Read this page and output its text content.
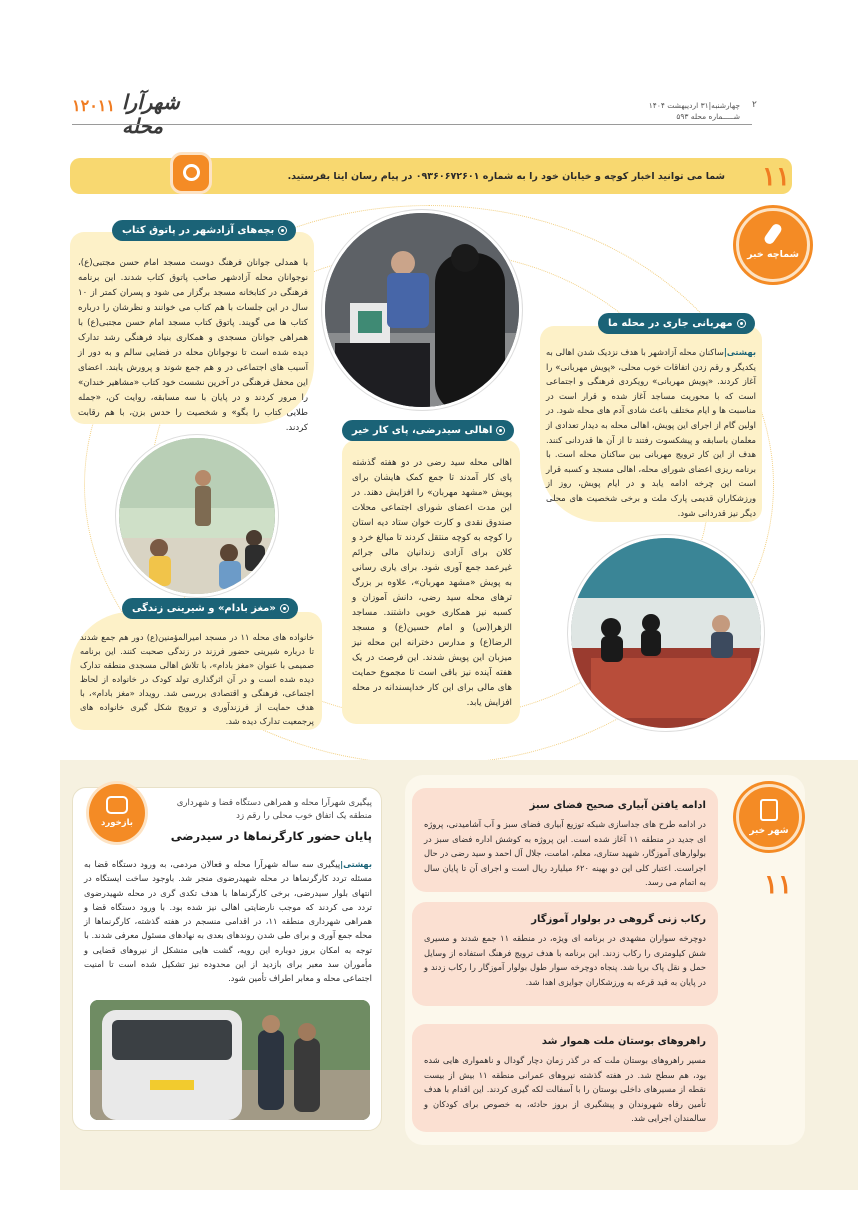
۱۲۰۱۱ شهرآرا محله
چهارشنبه|۳۱ اردیبهشت ۱۴۰۴
شـــــماره محله ۵۹۳
۲
شما می توانید اخبار کوچه و خیابان خود را به شماره ۰۹۳۶۰۶۷۲۶۰۱ در پیام رسان ایتا بفرستید. ۱۱
شماچه خبر
بچه‌های آزادشهر در پاتوق کتاب

با همدلی جوانان فرهنگ دوست مسجد امام حسن مجتبی(ع)، نوجوانان محله آزادشهر صاحب پاتوق کتاب شدند. این برنامه فرهنگی در کتابخانه مسجد برگزار می شود و پسران کمتر از ۱۰ سال در این جلسات با هم کتاب می خوانند و نظرشان را درباره کتاب ها می گویند. پاتوق کتاب مسجد امام حسن مجتبی(ع) با همراهی جوانان مسجدی و همکاری بنیاد فرهنگی رشد تدارک دیده شده است تا نوجوانان محله در فضایی سالم و به دور از آسیب های اجتماعی در و هم جمع شوند و پرورش یابند. اعضای این محفل فرهنگی در آخرین نشست خود کتاب «مشاهیر خندان» را مرور کردند و در پایان با سه مسابقه، روایت کن، «جمله طلایی کتاب را بگو» و شخصیت را حدس بزن، با هم رقابت کردند.

مهربانی جاری در محله ما

بهشتی|ساکنان محله آزادشهر با هدف نزدیک شدن اهالی به یکدیگر و رقم زدن اتفاقات خوب محلی، «پویش مهربانی» را آغاز کردند. «پویش مهربانی» رویکردی فرهنگی و اجتماعی است که با محوریت مساجد آغاز شده و قرار است در مناسبت ها و ایام مختلف باعث شادی آدم های محله شود. در اولین گام از اجرای این پویش، اهالی محله به دیدار تعدادی از معلمان باسابقه و پیشکسوت رفتند تا از آن ها قدردانی کنند. هدف از این کار ترویج مهربانی بین ساکنان محله است. با برنامه ریزی اعضای شورای محله، اهالی مسجد و کسبه قرار است این چرخه ادامه یابد و در ایام پویش، روز از ورزشکاران قدیمی پارک ملت و برخی شخصیت های محلی دیگر نیز قدردانی شود.

اهالی سیدرضی، پای کار خیر

اهالی محله سید رضی در دو هفته گذشته پای کار آمدند تا جمع کمک هایشان برای پویش «مشهد مهربان» را افزایش دهند. در این مدت اعضای شورای اجتماعی محلات صندوق نقدی و کارت خوان ستاد دیه استان را کوچه به کوچه منتقل کردند تا مبالغ خرد و کلان برای آزادی زندانیان مالی جرائم غیرعمد جمع آوری شود. برای یاری رسانی به پویش «مشهد مهربان»، علاوه بر بزرگ ترهای محله سید رضی، دانش آموزان و کسبه نیز همکاری خوبی داشتند. مساجد الزهرا(س) و امام حسین(ع) و مسجد الرضا(ع) و مدارس دخترانه این محله نیز میزبان این پویش شدند. این فرصت در یک هفته آینده نیز باقی است تا مجموع حمایت های مالی برای این کار خداپسندانه در محله افزایش یابد.

«مغز بادام» و شیرینی زندگی

خانواده های محله ۱۱ در مسجد امیرالمؤمنین(ع) دور هم جمع شدند تا درباره شیرینی حضور فرزند در زندگی صحبت کنند. این برنامه صمیمی با عنوان «مغز بادام»، با تلاش اهالی مسجدی منطقه تدارک دیده شده است و در آن اثرگذاری تولد کودک در خانواده از لحاظ اجتماعی، فرهنگی و اقتصادی بررسی شد. رویداد «مغز بادام»، با هدف حمایت از فرزندآوری و ترویج شکل گیری خانواده های پرجمعیت تدارک دیده شد.

بازخورد
پیگیری شهرآرا محله و همراهی دستگاه قضا و شهرداری منطقه یک اتفاق خوب محلی را رقم زد
پایان حضور کارگرنماها در سیدرضی

بهشتی|پیگیری سه ساله شهرآرا محله و فعالان مردمی، به ورود دستگاه قضا به مسئله تردد کارگرنماها در محله شهیدرضوی منجر شد. باوجود ساخت ایستگاه در انتهای بلوار سیدرضی، برخی کارگرنماها با هدف تکدی گری در محله شهیدرضوی تردد می کردند که موجب نارضایتی اهالی نیز شده بود. با ورود دستگاه قضا و همراهی شهرداری منطقه ۱۱، در اقدامی منسجم در هفته گذشته، کارگرنماها از محله جمع آوری و برای طی شدن روندهای بعدی به نهادهای مسئول معرفی شدند. با توجه به امکان بروز دوباره این رویه، گشت هایی متشکل از نیروهای قضایی و مأموران سد معبر برای بازدید از این محدوده نیز تشکیل شده است تا امنیت اجتماعی محله و معابر اطراف تأمین شود.

شهر خبر
۱۱
ادامه یافتن آبیاری صحیح فضای سبز

در ادامه طرح های جداسازی شبکه توزیع آبیاری فضای سبز و آب آشامیدنی، پروژه ای جدید در منطقه ۱۱ آغاز شده است. این پروژه به کوشش اداره فضای سبز در بولوارهای آموزگار، شهید ستاری، معلم، امامت، جلال آل احمد و سید رضی در حال اجراست. اعتبار کلی این دو بهینه ۶۲۰ میلیارد ریال است و اجرای آن تا پایان سال به اتمام می رسد.

رکاب زنی گروهی در بولوار آموزگار

دوچرخه سواران مشهدی در برنامه ای ویژه، در منطقه ۱۱ جمع شدند و مسیری شش کیلومتری را رکاب زدند. این برنامه با هدف ترویج فرهنگ استفاده از وسایل حمل و نقل پاک برپا شد. پنجاه دوچرخه سوار طول بولوار آموزگار را رکاب زدند و در پایان به قید قرعه به ورزشکاران جوایزی اهدا شد.

راهروهای بوستان ملت هموار شد

مسیر راهروهای بوستان ملت که در گذر زمان دچار گودال و ناهمواری هایی شده بود، هم سطح شد. در هفته گذشته نیروهای عمرانی منطقه ۱۱ بیش از بیست نقطه از مسیرهای داخلی بوستان را با آسفالت لکه گیری کردند. این اقدام با هدف تأمین رفاه شهروندان و پیشگیری از بروز حادثه، به خصوص برای کودکان و سالمندان اجرایی شد.
